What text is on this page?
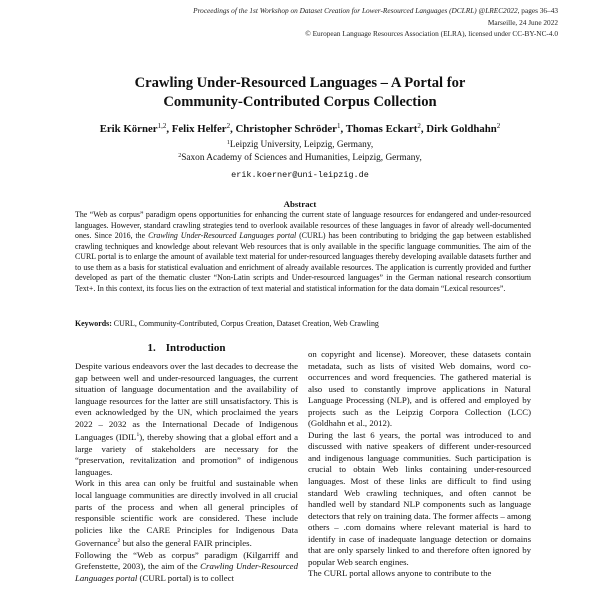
Proceedings of the 1st Workshop on Dataset Creation for Lower-Resourced Languages (DCLRL) @LREC2022, pages 36–43
Marseille, 24 June 2022
© European Language Resources Association (ELRA), licensed under CC-BY-NC-4.0
Crawling Under-Resourced Languages – A Portal for
Community-Contributed Corpus Collection
Erik Körner$^{1,2}$, Felix Helfer$^2$, Christopher Schröder$^1$, Thomas Eckart$^2$, Dirk Goldhahn$^2$
$^1$Leipzig University, Leipzig, Germany,
$^2$Saxon Academy of Sciences and Humanities, Leipzig, Germany,
erik.koerner@uni-leipzig.de
Abstract
The “Web as corpus” paradigm opens opportunities for enhancing the current state of language resources for endangered and under-resourced languages. However, standard crawling strategies tend to overlook available resources of these languages in favor of already well-documented ones. Since 2016, the Crawling Under-Resourced Languages portal (CURL) has been contributing to bridging the gap between established crawling techniques and knowledge about relevant Web resources that is only available in the specific language communities. The aim of the CURL portal is to enlarge the amount of available text material for under-resourced languages thereby developing available datasets further and to use them as a basis for statistical evaluation and enrichment of already available resources. The application is currently provided and further developed as part of the thematic cluster “Non-Latin scripts and Under-resourced languages” in the German national research consortium Text+. In this context, its focus lies on the extraction of text material and statistical information for the data domain “Lexical resources”.
Keywords: CURL, Community-Contributed, Corpus Creation, Dataset Creation, Web Crawling
1. Introduction

Despite various endeavors over the last decades to decrease the gap between well and under-resourced languages, the current situation of language documentation and the availability of language resources for the latter are still unsatisfactory. This is even acknowledged by the UN, which proclaimed the years 2022 – 2032 as the International Decade of Indigenous Languages (IDIL$^1$), thereby showing that a global effort and a large variety of stakeholders are necessary for the “preservation, revitalization and promotion” of indigenous languages.

Work in this area can only be fruitful and sustainable when local language communities are directly involved in all crucial parts of the process and when all general principles of responsible scientific work are considered. These include policies like the CARE Principles for Indigenous Data Governance$^2$ but also the general FAIR principles.

Following the “Web as corpus” paradigm (Kilgarriff and Grefenstette, 2003), the aim of the Crawling Under-Resourced Languages portal (CURL portal) is to collect

on copyright and license). Moreover, these datasets contain metadata, such as lists of visited Web domains, word co-occurrences and word frequencies. The gathered material is also used to constantly improve applications in Natural Language Processing (NLP), and is offered and employed by projects such as the Leipzig Corpora Collection (LCC) (Goldhahn et al., 2012).

During the last 6 years, the portal was introduced to and discussed with native speakers of different under-resourced and indigenous language communities. Such participation is crucial to obtain Web links containing under-resourced languages. Most of these links are difficult to find using standard Web crawling techniques, and often cannot be handled well by standard NLP components such as language detectors that rely on training data. The former affects – among others – .com domains where relevant material is hard to identify in case of inadequate language detection or domains that are only sparsely linked to and therefore often ignored by popular Web search engines.

The CURL portal allows anyone to contribute to the
